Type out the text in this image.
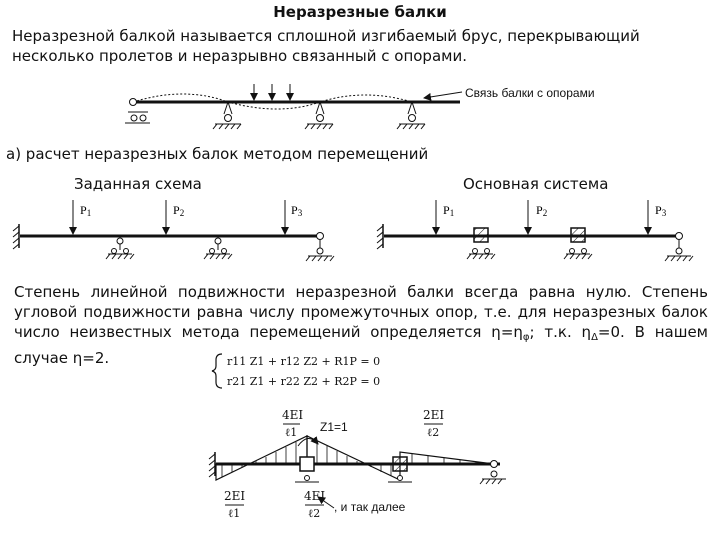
Неразрезные балки
Неразрезной балкой называется сплошной изгибаемый брус, перекрывающий несколько пролетов и неразрывно связанный с опорами.
P1	P2	P3	P1	P2	P3
Связь балки с опорами
а) расчет неразрезных балок методом перемещений
Заданная схема	Основная система
Степень линейной подвижности неразрезной балки всегда равна нулю. Степень угловой подвижности равна числу промежуточных опор, т.е. для неразрезных балок число неизвестных метода перемещений определяется $\eta=\eta_\varphi$; т.к. $\eta_\Delta=0$. В нашем случае η=2.	r11 Z1 + r12 Z2 + R1P = 0
r21 Z1 + r22 Z2 + R2P = 0
4EI
ℓ1 Z1=1
2EI
ℓ2
2EI
ℓ1
4EI
ℓ2 , и так далее
